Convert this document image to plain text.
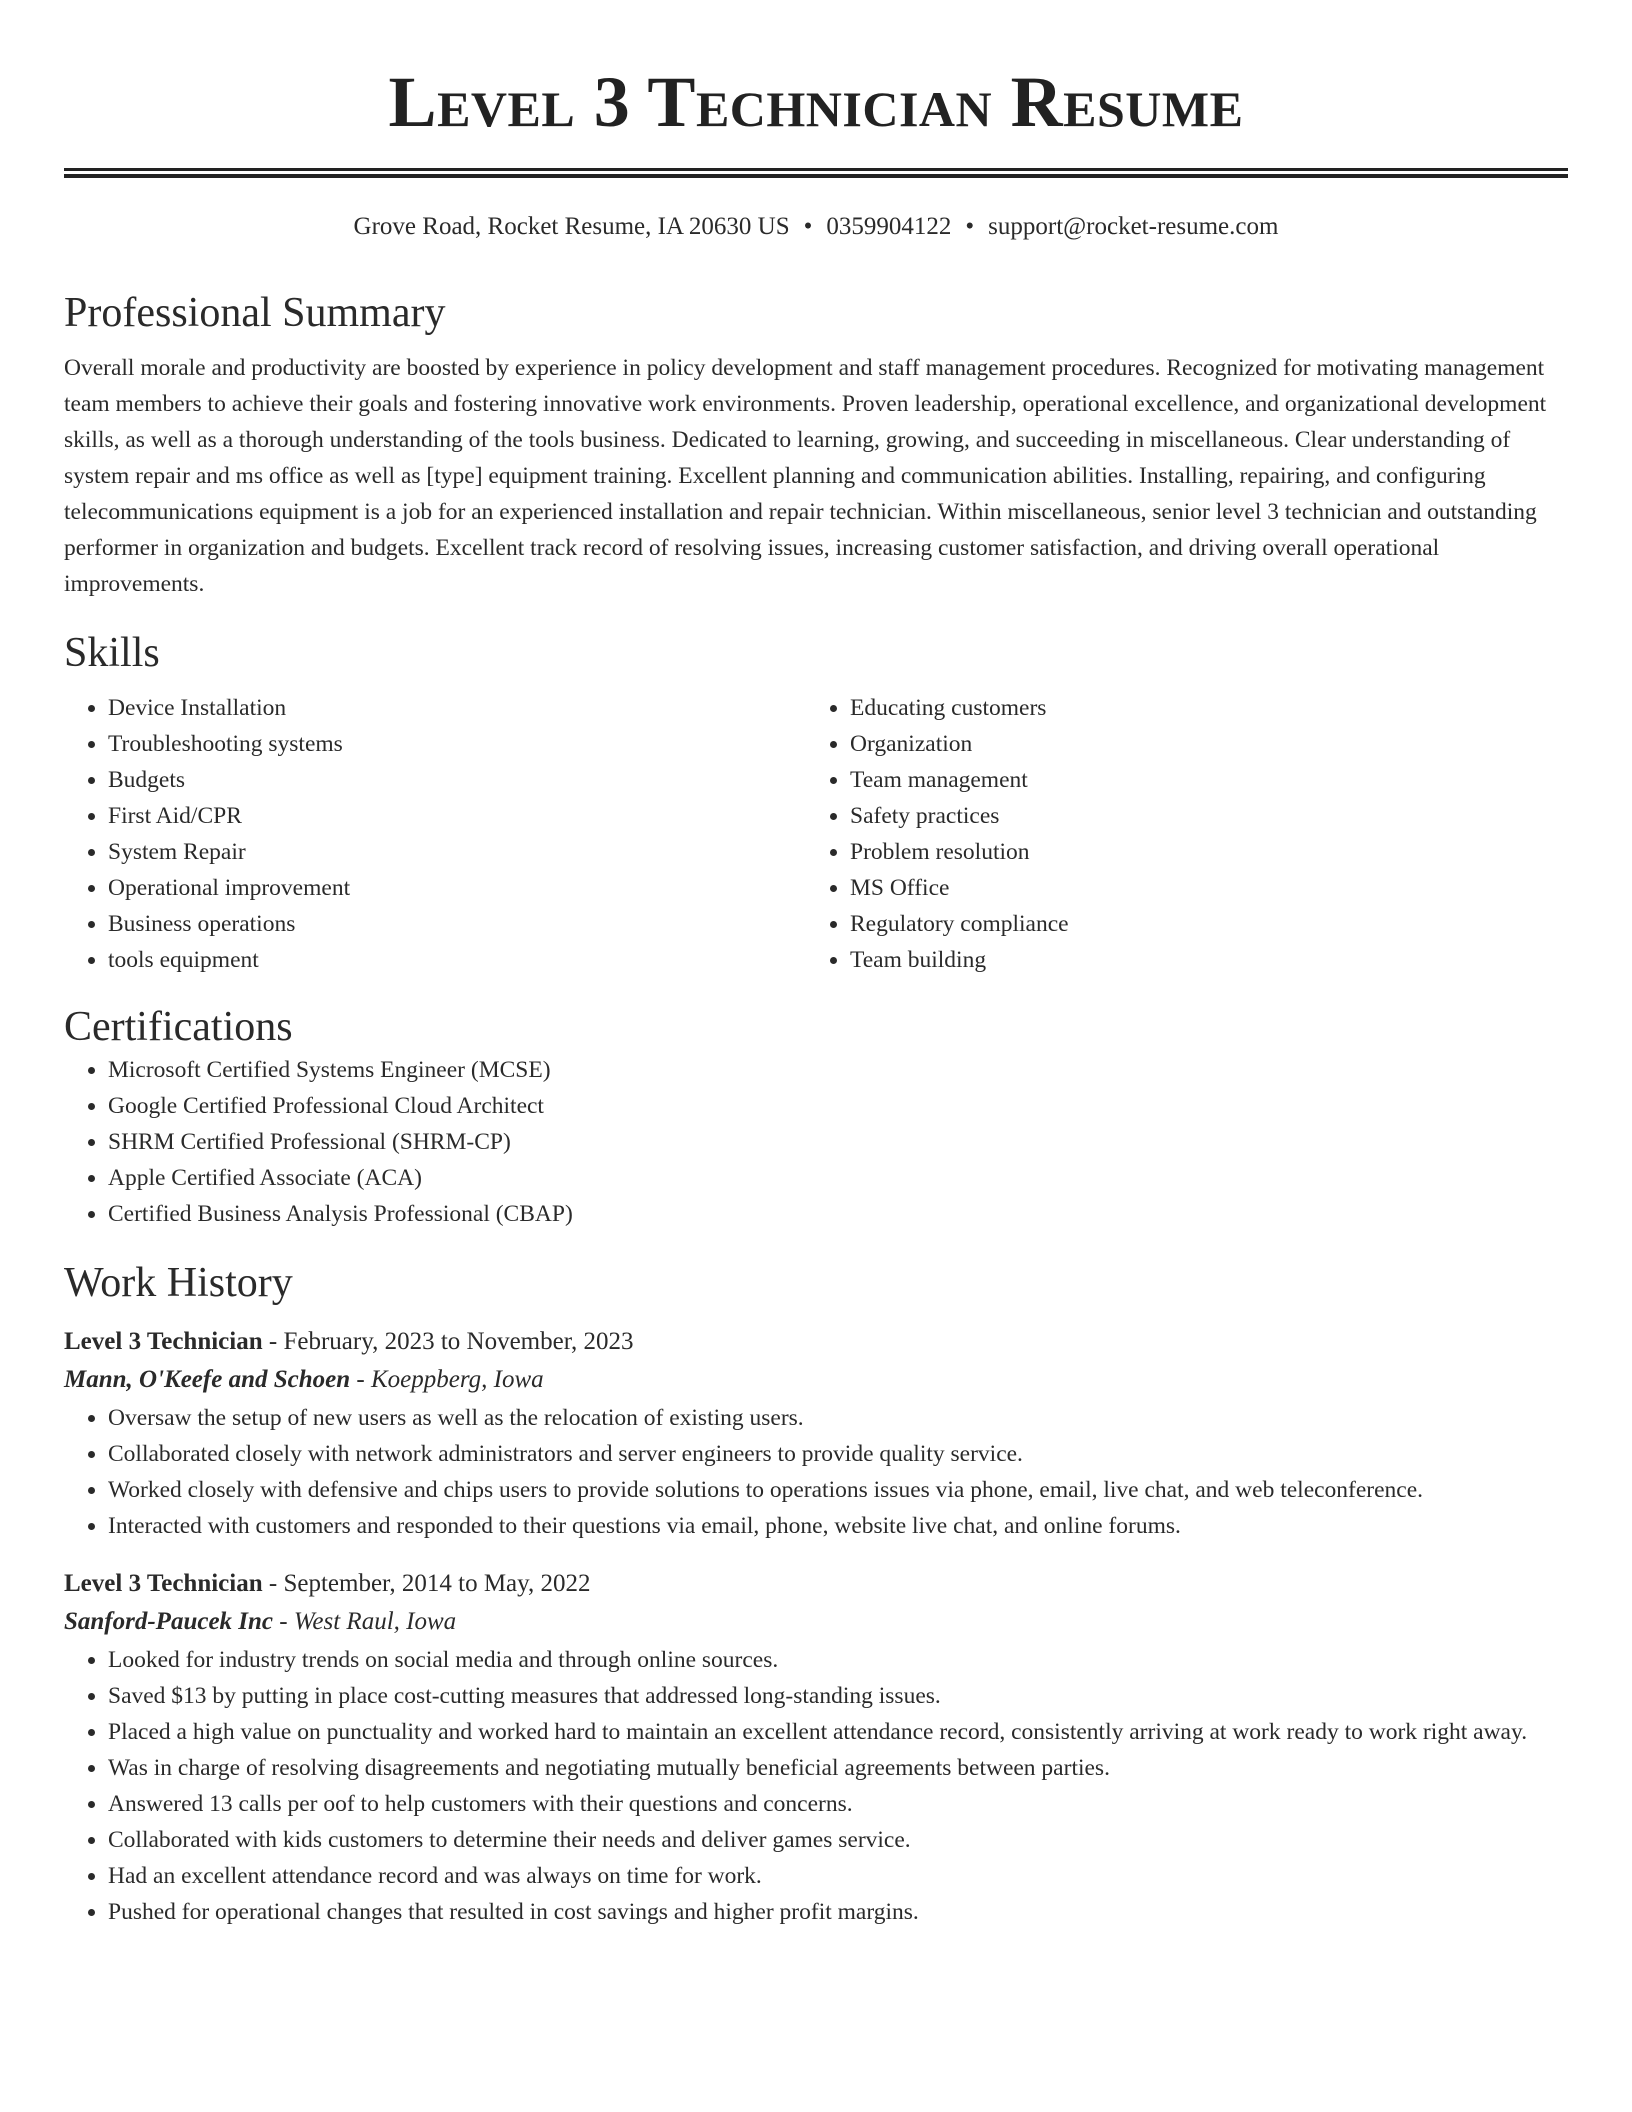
Level 3 Technician Resume
Grove Road, Rocket Resume, IA 20630 US • 0359904122 • support@rocket-resume.com
Professional Summary

Overall morale and productivity are boosted by experience in policy development and staff management procedures. Recognized for motivating management team members to achieve their goals and fostering innovative work environments. Proven leadership, operational excellence, and organizational development skills, as well as a thorough understanding of the tools business. Dedicated to learning, growing, and succeeding in miscellaneous. Clear understanding of system repair and ms office as well as [type] equipment training. Excellent planning and communication abilities. Installing, repairing, and configuring telecommunications equipment is a job for an experienced installation and repair technician. Within miscellaneous, senior level 3 technician and outstanding performer in organization and budgets. Excellent track record of resolving issues, increasing customer satisfaction, and driving overall operational improvements.

Skills
• Device Installation
• Troubleshooting systems
• Budgets
• First Aid/CPR
• System Repair
• Operational improvement
• Business operations
• tools equipment
• Educating customers
• Organization
• Team management
• Safety practices
• Problem resolution
• MS Office
• Regulatory compliance
• Team building
Certifications
• Microsoft Certified Systems Engineer (MCSE)
• Google Certified Professional Cloud Architect
• SHRM Certified Professional (SHRM-CP)
• Apple Certified Associate (ACA)
• Certified Business Analysis Professional (CBAP)
Work History
Level 3 Technician - February, 2023 to November, 2023
Mann, O'Keefe and Schoen - Koeppberg, Iowa
• Oversaw the setup of new users as well as the relocation of existing users.
• Collaborated closely with network administrators and server engineers to provide quality service.
• Worked closely with defensive and chips users to provide solutions to operations issues via phone, email, live chat, and web teleconference.
• Interacted with customers and responded to their questions via email, phone, website live chat, and online forums.
Level 3 Technician - September, 2014 to May, 2022
Sanford-Paucek Inc - West Raul, Iowa
• Looked for industry trends on social media and through online sources.
• Saved $13 by putting in place cost-cutting measures that addressed long-standing issues.
• Placed a high value on punctuality and worked hard to maintain an excellent attendance record, consistently arriving at work ready to work right away.
• Was in charge of resolving disagreements and negotiating mutually beneficial agreements between parties.
• Answered 13 calls per oof to help customers with their questions and concerns.
• Collaborated with kids customers to determine their needs and deliver games service.
• Had an excellent attendance record and was always on time for work.
• Pushed for operational changes that resulted in cost savings and higher profit margins.
